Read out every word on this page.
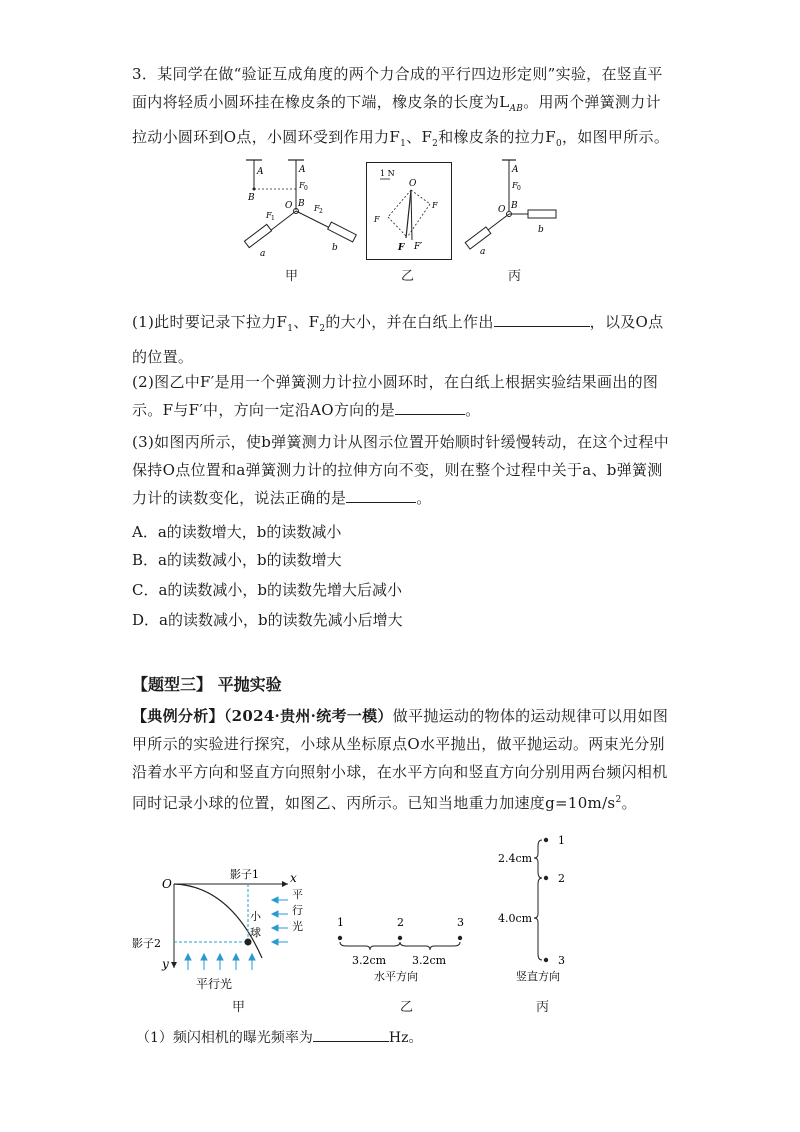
3．某同学在做“验证互成角度的两个力合成的平行四边形定则”实验，在竖直平面内将轻质小圆环挂在橡皮条的下端，橡皮条的长度为$L_{AB}$。用两个弹簧测力计拉动小圆环到O点，小圆环受到作用力$F_1$、$F_2$和橡皮条的拉力$F_0$，如图甲所示。
A
B
A
F 0
O B
F 1
F 2
a
b
甲
1 N
O
F
F
F F′
乙
A
F 0
O B
a
b
丙
(1)此时要记录下拉力$F_1$、$F_2$的大小，并在白纸上作出	，以及O点的位置。
(2)图乙中F′是用一个弹簧测力计拉小圆环时，在白纸上根据实验结果画出的图示。F与F′中，方向一定沿AO方向的是	。
(3)如图丙所示，使b弹簧测力计从图示位置开始顺时针缓慢转动，在这个过程中保持O点位置和a弹簧测力计的拉伸方向不变，则在整个过程中关于a、b弹簧测力计的读数变化，说法正确的是	。
A．a的读数增大，b的读数减小
B．a的读数减小，b的读数增大
C．a的读数减小，b的读数先增大后减小
D．a的读数减小，b的读数先减小后增大
【题型三】 平抛实验
【典例分析】（2024·贵州·统考一模）做平抛运动的物体的运动规律可以用如图甲所示的实验进行探究，小球从坐标原点O水平抛出，做平抛运动。两束光分别沿着水平方向和竖直方向照射小球，在水平方向和竖直方向分别用两台频闪相机同时记录小球的位置，如图乙、丙所示。已知当地重力加速度$g=10m/s^2$。
O	x
y
影子1
影子2
小
球
平
行
光
平行光
甲
1	2	3
3.2cm 3.2cm
水平方向
乙
1
2
3
2.4cm
4.0cm
竖直方向
丙
（1）频闪相机的曝光频率为	Hz。
